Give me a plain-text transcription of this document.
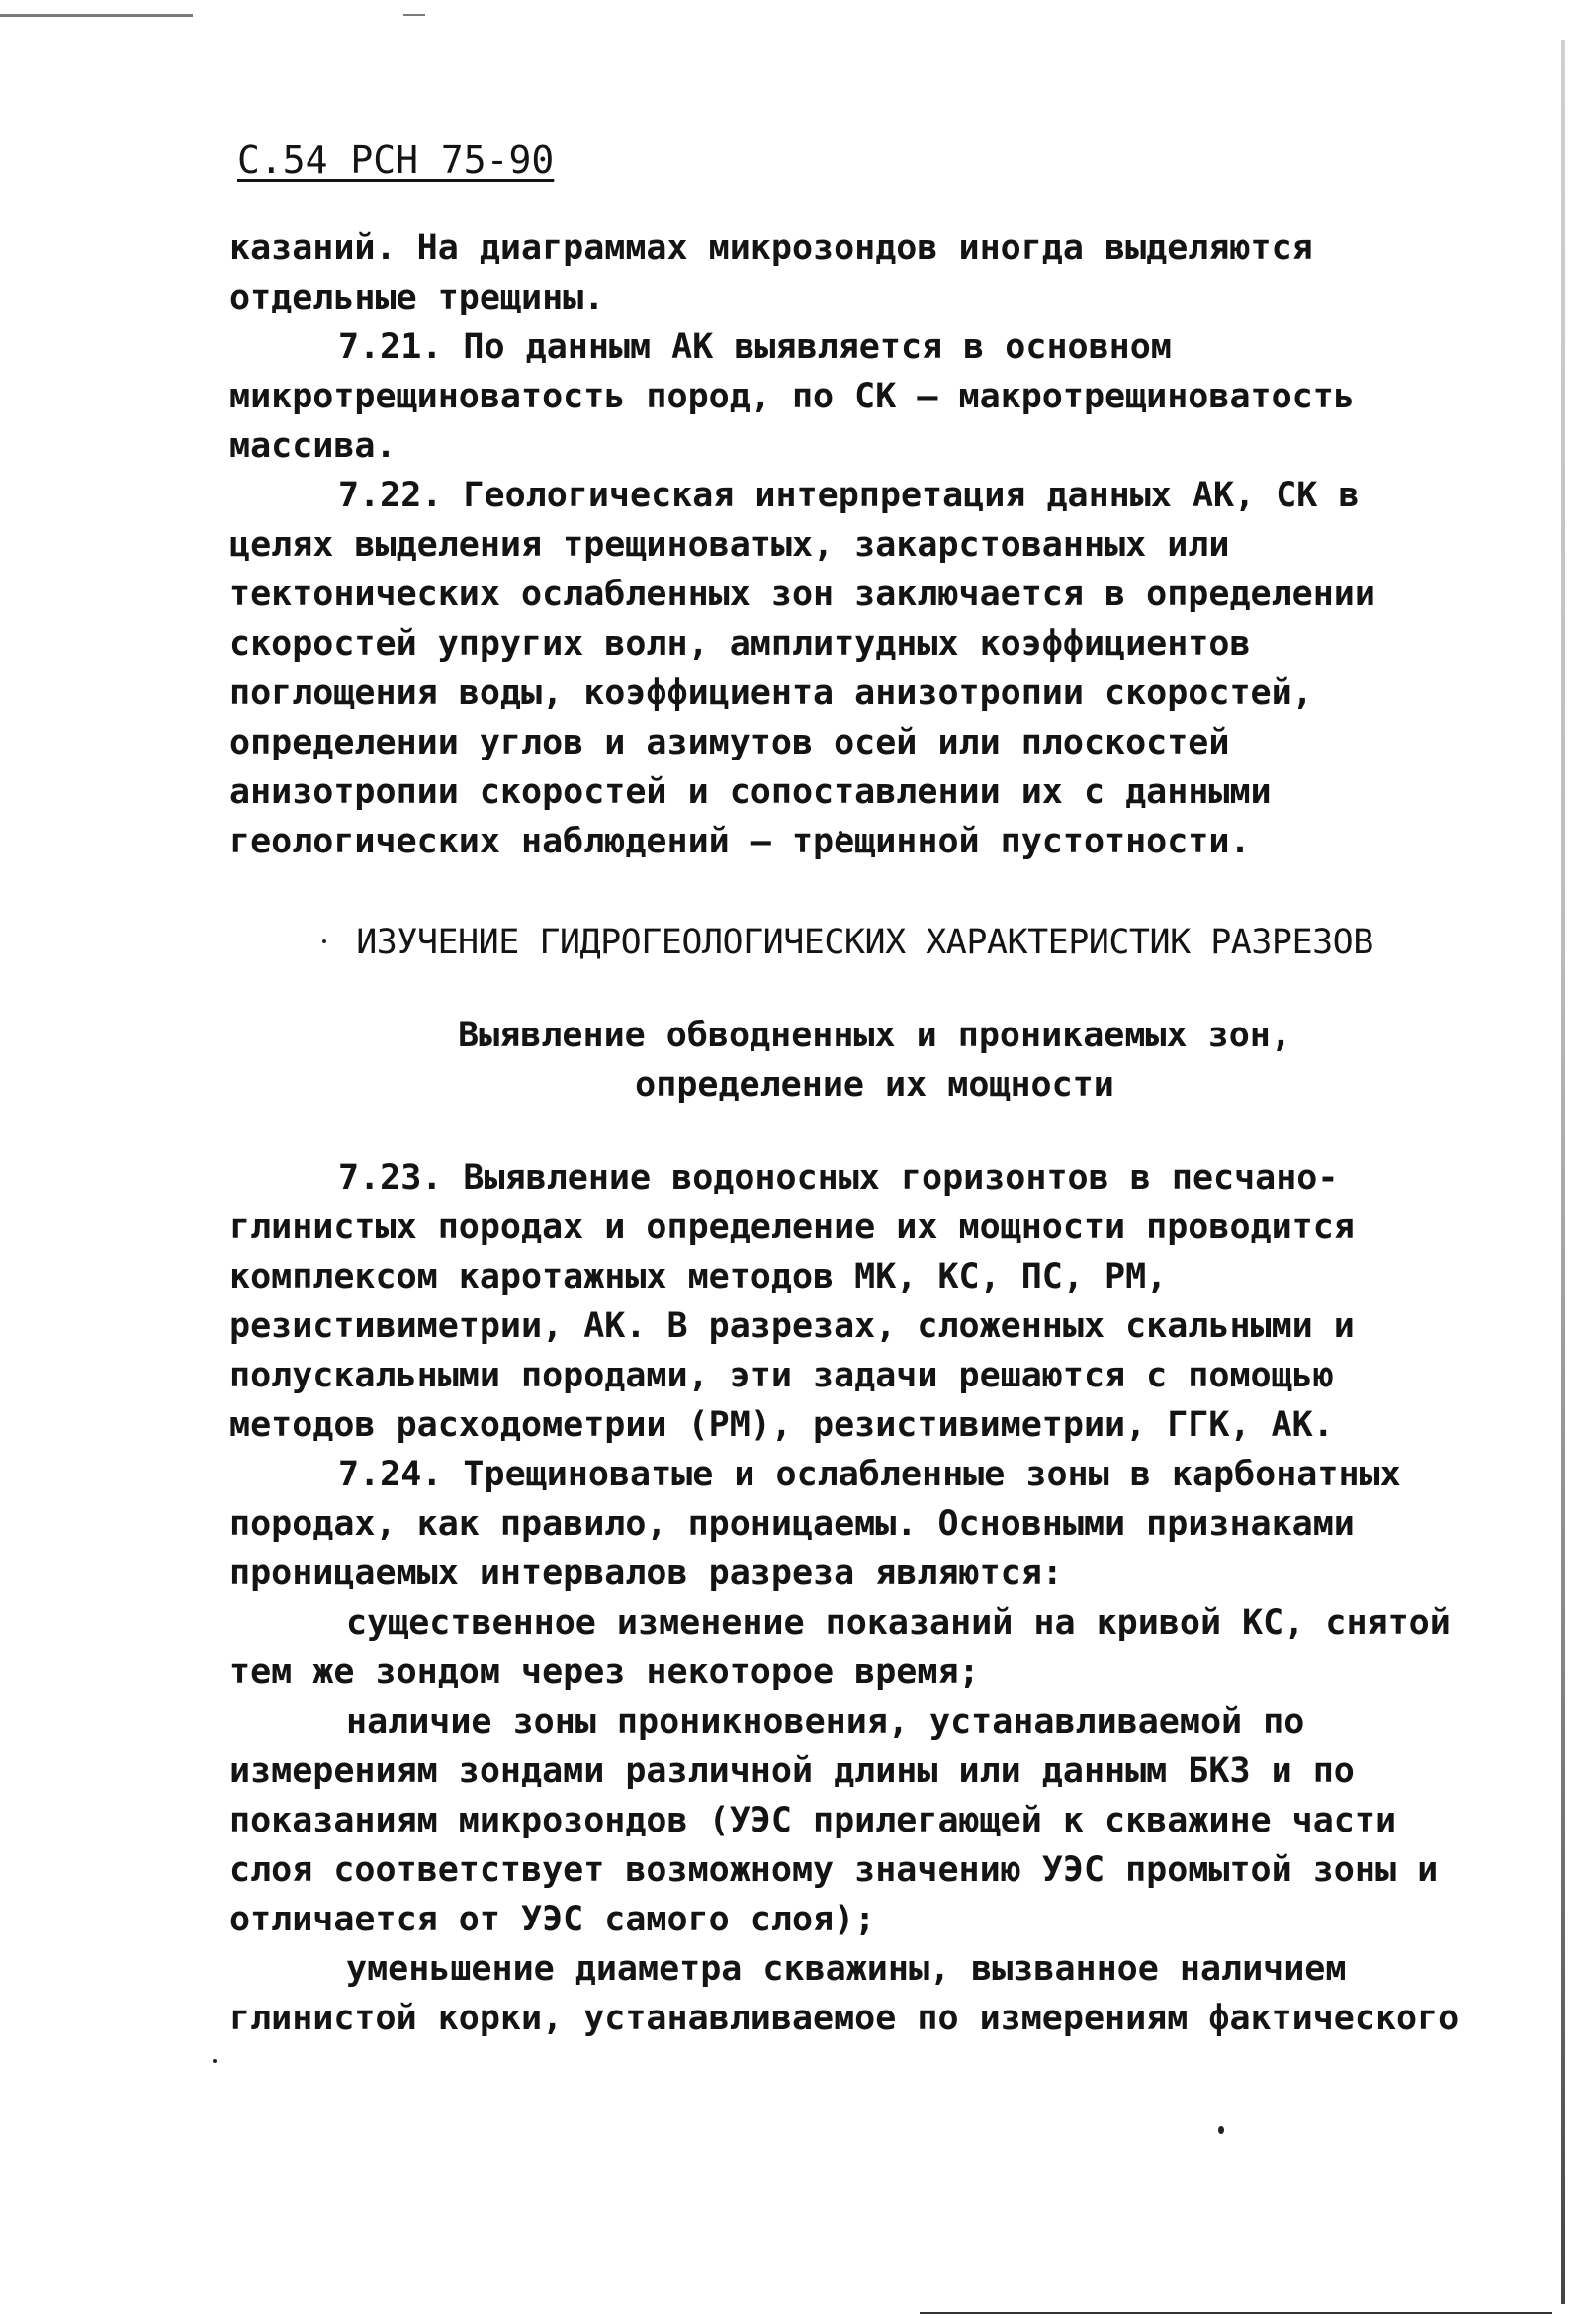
С.54 РСН 75-90

казаний. На диаграммах микрозондов иногда выделяются отдельные трещины.

7.21. По данным АК выявляется в основном микротрещиноватость пород, по СК – макротрещиноватость массива.

7.22. Геологическая интерпретация данных АК, СК в целях выделения трещиноватых, закарстованных или тектонических ослабленных зон заключается в определении скоростей упругих волн, амплитудных коэффициентов поглощения воды, коэффициента анизотропии скоростей, определении углов и азимутов осей или плоскостей анизотропии скоростей и сопоставлении их с данными геологических наблюдений – трещинной пустотности.

ИЗУЧЕНИЕ ГИДРОГЕОЛОГИЧЕСКИХ ХАРАКТЕРИСТИК РАЗРЕЗОВ

Выявление обводненных и проникаемых зон,

определение их мощности

7.23. Выявление водоносных горизонтов в песчано-глинистых породах и определение их мощности проводится комплексом каротажных методов МК, КС, ПС, РМ, резистивиметрии, АК. В разрезах, сложенных скальными и полускальными породами, эти задачи решаются с помощью методов расходометрии (РМ), резистивиметрии, ГГК, АК.

7.24. Трещиноватые и ослабленные зоны в карбонатных породах, как правило, проницаемы. Основными признаками проницаемых интервалов разреза являются:

существенное изменение показаний на кривой КС, снятой тем же зондом через некоторое время;

наличие зоны проникновения, устанавливаемой по измерениям зондами различной длины или данным БКЗ и по показаниям микрозондов (УЭС прилегающей к скважине части слоя соответствует возможному значению УЭС промытой зоны и отличается от УЭС самого слоя);

уменьшение диаметра скважины, вызванное наличием глинистой корки, устанавливаемое по измерениям фактического
